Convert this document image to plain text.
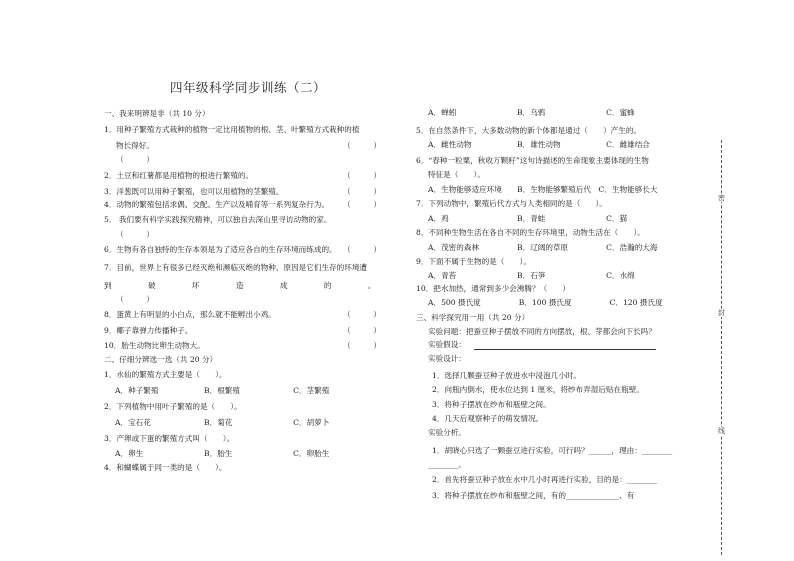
四年级科学同步训练（二）
一、我来明辨是非（共 10 分）
1．用种子繁殖方式栽种的植物一定比用植物的根、茎、叶繁殖方式栽种的植
物长得好。	（　　　）
（　　　）
2．土豆和红薯都是用植物的根进行繁殖的。	（　　　）
3．洋葱既可以用种子繁殖，也可以用植物的茎繁殖。	（　　　）
4．动物的繁殖包括求偶、交配、生产以及哺育等一系列复杂行为。 （　　　）
5． 我们要有科学实践探究精神，可以独自去深山里寻访动物的家。
（　　　）
6．生物有各自独特的生存本领是为了适应各自的生存环境而练成的。 （　　　）
7．目前，世界上有很多已经灭绝和濒临灭绝的物种，原因是它们生存的环境遭
到　　　　破　　　　坏　　　　造　　　　成　　　　的　　　　。
（　　　）
8．蛋黄上有明显的小白点，那么就不能孵出小鸡。	（　　　）
9．椰子靠弹力传播种子。	（　　　）
10．胎生动物比卵生动物大。	（　　　）
二、仔细分辨选一选（共 20 分）
1．水仙的繁殖方式主要是（　　）。
A．种子繁殖　　　　　　B．根繁殖　　　　　　　C．茎繁殖
2．下列植物中用叶子繁殖的是（　　）。
A．宝石花　　　　　　　B．菊花　　　　　　　　C．胡萝卜
3．产卵或下蛋的繁殖方式叫（　　）。
A．卵生　　　　　　　　B．胎生　　　　　　　　C．卵胎生
4．和蝴蝶属于同一类的是（　　）。
A．蝉蚓　　　　　　　　B．乌鸦　　　　　　　　C．蜜蜂
5．在自然条件下，大多数动物的新个体都是通过（　　）产生的。
A．雌性动物　　　　　　B．雄性动物　　　　　　C．雌雄结合
6．“春种一粒粟，秋收万颗籽”这句诗描述的生命现象主要体现的生物
特征是（　　）。
A．生物能够适应环境　　B．生物能够繁殖后代　C．生物能够长大
7．下列动物中，繁殖后代方式与人类相同的是（　　）。
A．鸡　　　　　　　　　B．青蛙　　　　　　　　C．猫
8．不同种生物生活在各自不同的生存环境里，动物生活在（　　）。
A．茂密的森林　　　　　B．辽阔的草原　　　　　C．浩瀚的大海
9．下面不属于生物的是（　　）。
A．青苔　　　　　　　　B．石笋　　　　　　　　C．水绵
10．把水加热，通常到多少会沸腾？（　　）
A．500 摄氏度　　　　　B．100 摄氏度　　　　　C．120 摄氏度
三、科学探究用一用（共 20 分）
实验问题：把蚕豆种子摆放不同的方向摆放，根、芽都会向下长吗？
实验假设：
实验设计：
1．选择几颗蚕豆种子放进水中浸泡几小时。
2．向瓶内倒水，使水位达到 1 厘米，将纱布弄湿后贴在瓶壁。
3．将种子摆放在纱布和瓶壁之间。
4．几天后观察种子的萌发情况。
实验分析。
1．胡晓心只选了一颗蚕豆进行实验，可行吗？______，理由：________
________。
2．首先将蚕豆种子放在水中几小时再进行实验，目的是：________
3．将种子摆放在纱布和瓶壁之间，有的______________、有
密
封
线
